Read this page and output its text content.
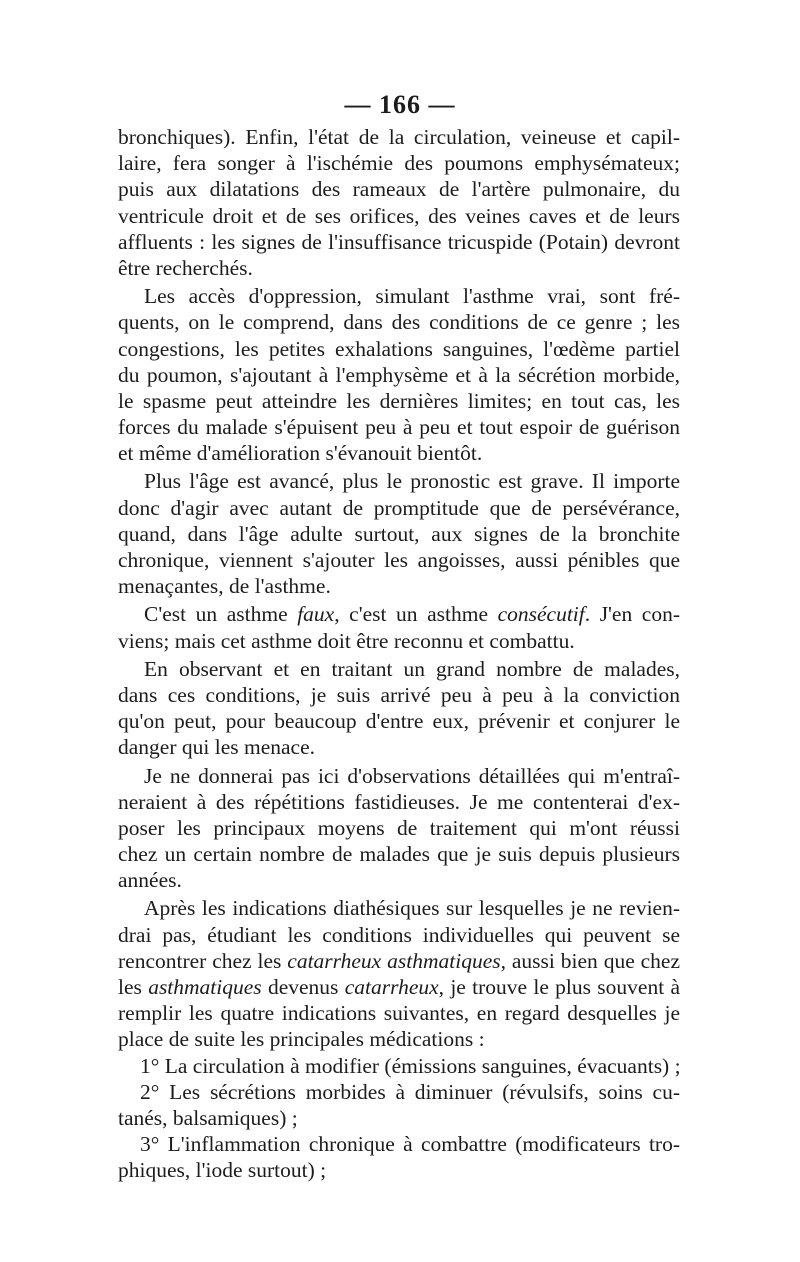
— 166 —
bronchiques). Enfin, l'état de la circulation, veineuse et capil-
laire, fera songer à l'ischémie des poumons emphysémateux;
puis aux dilatations des rameaux de l'artère pulmonaire, du
ventricule droit et de ses orifices, des veines caves et de leurs
affluents : les signes de l'insuffisance tricuspide (Potain) devront
être recherchés.
Les accès d'oppression, simulant l'asthme vrai, sont fré-
quents, on le comprend, dans des conditions de ce genre ; les
congestions, les petites exhalations sanguines, l'œdème partiel
du poumon, s'ajoutant à l'emphysème et à la sécrétion morbide,
le spasme peut atteindre les dernières limites; en tout cas, les
forces du malade s'épuisent peu à peu et tout espoir de guérison
et même d'amélioration s'évanouit bientôt.
Plus l'âge est avancé, plus le pronostic est grave. Il importe
donc d'agir avec autant de promptitude que de persévérance,
quand, dans l'âge adulte surtout, aux signes de la bronchite
chronique, viennent s'ajouter les angoisses, aussi pénibles que
menaçantes, de l'asthme.
C'est un asthme faux, c'est un asthme consécutif. J'en con-
viens; mais cet asthme doit être reconnu et combattu.
En observant et en traitant un grand nombre de malades,
dans ces conditions, je suis arrivé peu à peu à la conviction
qu'on peut, pour beaucoup d'entre eux, prévenir et conjurer le
danger qui les menace.
Je ne donnerai pas ici d'observations détaillées qui m'entraî-
neraient à des répétitions fastidieuses. Je me contenterai d'ex-
poser les principaux moyens de traitement qui m'ont réussi
chez un certain nombre de malades que je suis depuis plusieurs
années.
Après les indications diathésiques sur lesquelles je ne revien-
drai pas, étudiant les conditions individuelles qui peuvent se
rencontrer chez les catarrheux asthmatiques, aussi bien que chez
les asthmatiques devenus catarrheux, je trouve le plus souvent à
remplir les quatre indications suivantes, en regard desquelles je
place de suite les principales médications :
1° La circulation à modifier (émissions sanguines, évacuants) ;
2° Les sécrétions morbides à diminuer (révulsifs, soins cu-
tanés, balsamiques) ;
3° L'inflammation chronique à combattre (modificateurs tro-
phiques, l'iode surtout) ;
